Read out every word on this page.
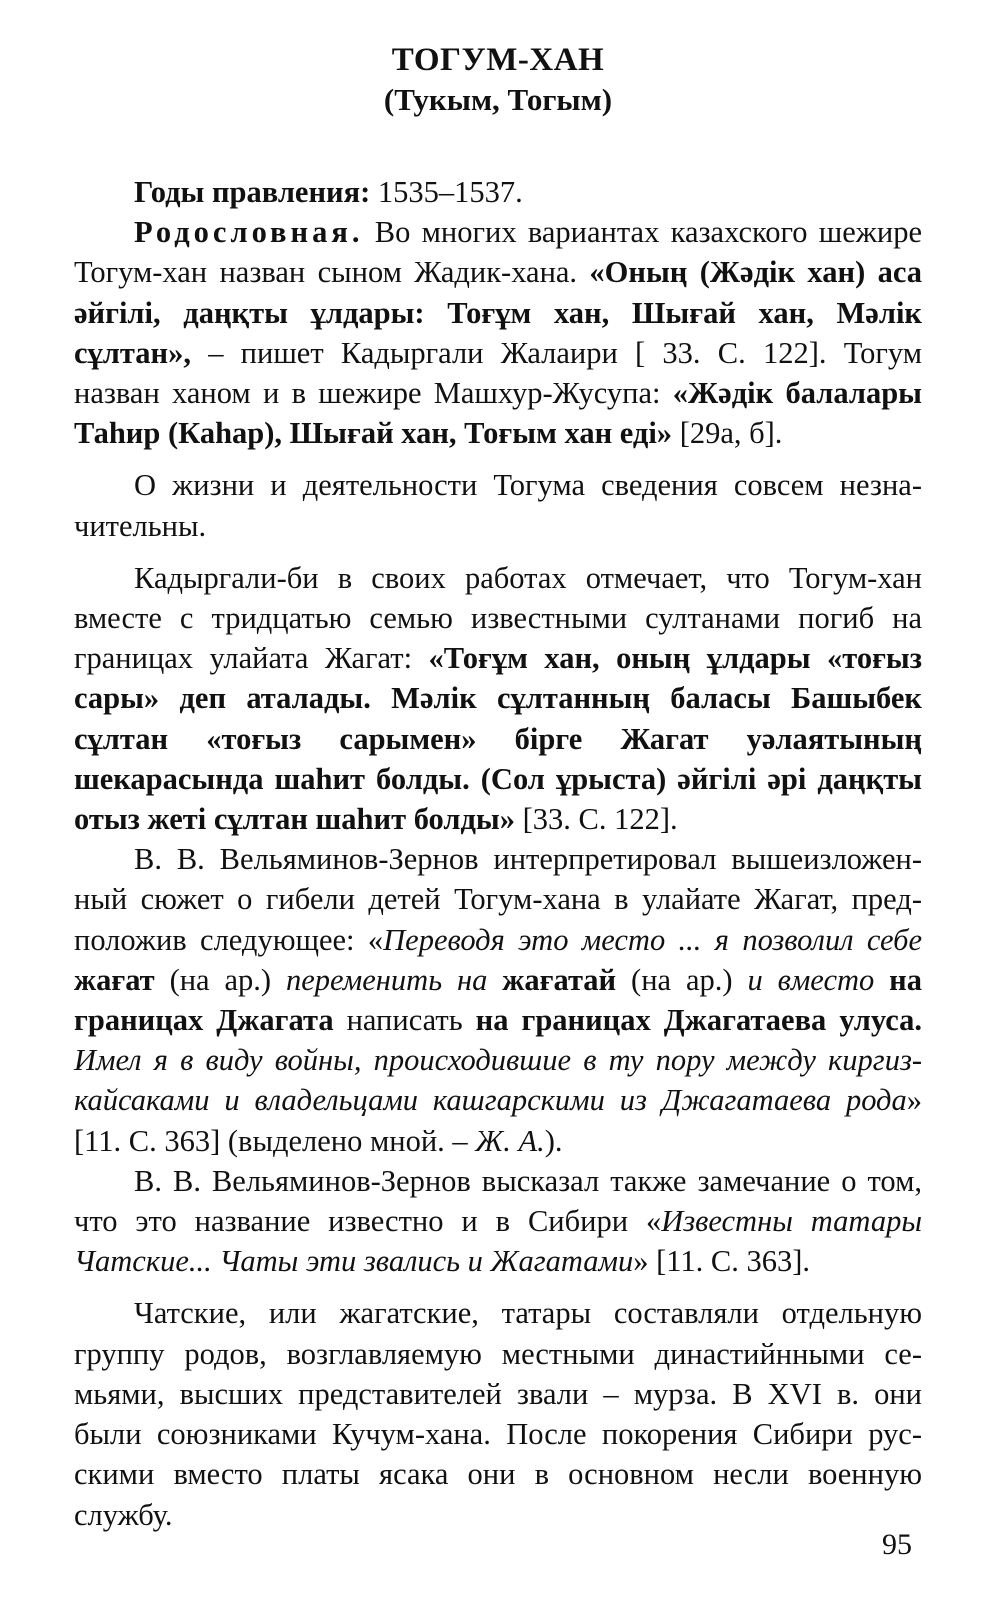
ТОГУМ-ХАН
(Тукым, Тогым)

Годы правления: 1535–1537.

Родословная. Во многих вариантах казахского шежире Тогум-хан назван сыном Жадик-хана. «Оның (Жәдік хан) аса әйгілі, даңқты ұлдары: Тоғұм хан, Шығай хан, Мәлік сұлтан», – пишет Кадыргали Жалаири [ 33. С. 122]. Тогум назван ханом и в шежире Машхур-Жусупа: «Жәдік балалары Таһир (Каһар), Шығай хан, Тоғым хан еді» [29а, б].

О жизни и деятельности Тогума сведения совсем незначительны.

Кадыргали-би в своих работах отмечает, что Тогум-хан вместе с тридцатью семью известными султанами погиб на границах улайата Жагат: «Тоғұм хан, оның ұлдары «тоғыз сары» деп аталады. Мәлік сұлтанның баласы Башыбек сұлтан «тоғыз сарымен» бірге Жагат уәлаятының шекарасында шаһит болды. (Сол ұрыста) әйгілі әрі даңқты отыз жеті сұлтан шаһит болды» [33. С. 122].

В. В. Вельяминов-Зернов интерпретировал вышеизложенный сюжет о гибели детей Тогум-хана в улайате Жагат, предположив следующее: «Переводя это место ... я позволил себе жағат (на ар.) переменить на жағатай (на ар.) и вместо на границах Джагата написать на границах Джагатаева улуса. Имел я в виду войны, происходившие в ту пору между киргиз-кайсаками и владельцами кашгарскими из Джагатаева рода» [11. С. 363] (выделено мной. – Ж. А.).

В. В. Вельяминов-Зернов высказал также замечание о том, что это название известно и в Сибири «Известны татары Чатские... Чаты эти звались и Жагатами» [11. С. 363].

Чатские, или жагатские, татары составляли отдельную группу родов, возглавляемую местными династийнными семьями, высших представителей звали – мурза. В XVI в. они были союзниками Кучум-хана. После покорения Сибири русскими вместо платы ясака они в основном несли военную службу.

95
